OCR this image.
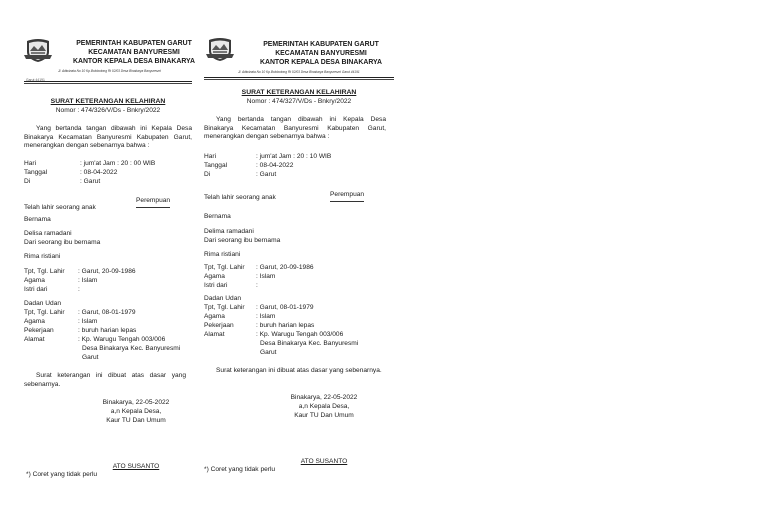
PEMERINTAH KABUPATEN GARUT
KECAMATAN BANYURESMI
KANTOR KEPALA DESA BINAKARYA
Jl. Adiwinata No 10 Kp.Bolobotong Rt 02/03 Desa Binakarya Banyuresmi
Garut 44191
SURAT KETERANGAN KELAHIRAN
Nomor : 474/326/V/Ds - Bnkry/2022
Yang bertanda tangan dibawah ini Kepala Desa Binakarya Kecamatan Banyuresmi Kabupaten Garut, menerangkan dengan sebenarnya bahwa :
Hari	: jum'at Jam : 20 : 00 WIB
Tanggal	: 08-04-2022
Di	: Garut
Perempuan
Telah lahir seorang anak
Bernama
Delisa ramadani
Dari seorang ibu bernama
Rima ristiani
Tpt, Tgl. Lahir : Garut, 20-09-1986
Agama	: Islam
Istri dari	:
Dadan Udan
Tpt, Tgl. Lahir : Garut, 08-01-1979
Agama	: Islam
Pekerjaan	: buruh harian lepas
Alamat	: Kp. Warugu Tengah 003/006
Desa Binakarya Kec. Banyuresmi
Garut
Surat keterangan ini dibuat atas dasar yang sebenarnya.
Binakarya, 22-05-2022
a,n Kepala Desa,
Kaur TU Dan Umum
ATO SUSANTO
*) Coret yang tidak perlu
PEMERINTAH KABUPATEN GARUT
KECAMATAN BANYURESMI
KANTOR KEPALA DESA BINAKARYA
Jl. Adiwinata No 10 Kp.Bolobotong Rt 02/03 Desa Binakarya Banyuresmi Garut 44191
SURAT KETERANGAN KELAHIRAN
Nomor : 474/327/V/Ds - Bnkry/2022
Yang bertanda tangan dibawah ini Kepala Desa Binakarya Kecamatan Banyuresmi Kabupaten Garut, menerangkan dengan sebenarnya bahwa :
Hari	: jum'at Jam : 20 : 10 WIB
Tanggal	: 08-04-2022
Di	: Garut
Telah lahir seorang anak	Perempuan
Bernama
Delima ramadani
Dari seorang ibu bernama
Rima ristiani
Tpt, Tgl. Lahir : Garut, 20-09-1986
Agama	: Islam
Istri dari	:
Dadan Udan
Tpt, Tgl. Lahir : Garut, 08-01-1979
Agama	: Islam
Pekerjaan	: buruh harian lepas
Alamat	: Kp. Warugu Tengah 003/006
Desa Binakarya Kec. Banyuresmi
Garut
Surat keterangan ini dibuat atas dasar yang sebenarnya.
Binakarya, 22-05-2022
a,n Kepala Desa,
Kaur TU Dan Umum
ATO SUSANTO
*) Coret yang tidak perlu
